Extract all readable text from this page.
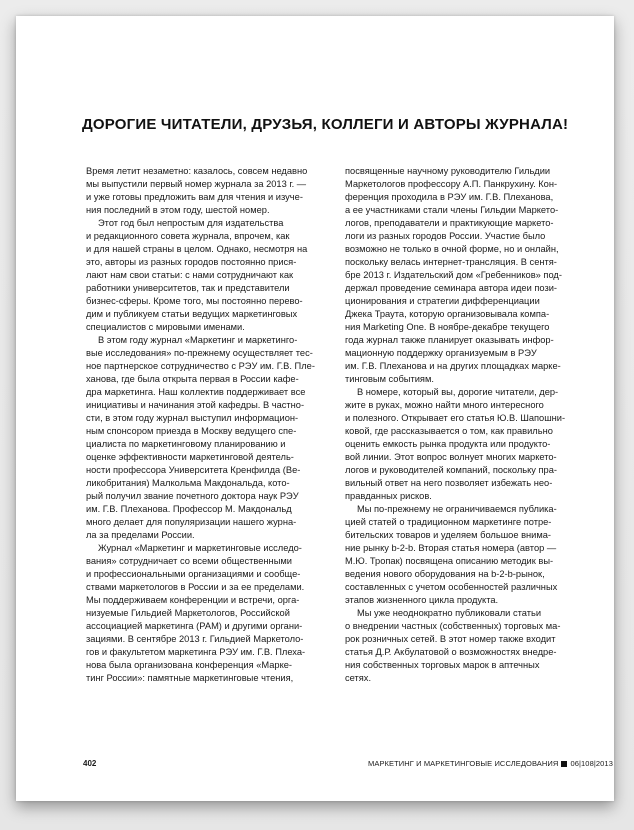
ДОРОГИЕ ЧИТАТЕЛИ, ДРУЗЬЯ, КОЛЛЕГИ И АВТОРЫ ЖУРНАЛА!
Время летит незаметно: казалось, совсем недавно
мы выпустили первый номер журнала за 2013 г. —
и уже готовы предложить вам для чтения и изуче-
ния последний в этом году, шестой номер.
Этот год был непростым для издательства
и редакционного совета журнала, впрочем, как
и для нашей страны в целом. Однако, несмотря на
это, авторы из разных городов постоянно прися-
лают нам свои статьи: с нами сотрудничают как
работники университетов, так и представители
бизнес-сферы. Кроме того, мы постоянно перево-
дим и публикуем статьи ведущих маркетинговых
специалистов с мировыми именами.
В этом году журнал «Маркетинг и маркетинго-
вые исследования» по-прежнему осуществляет тес-
ное партнерское сотрудничество с РЭУ им. Г.В. Пле-
ханова, где была открыта первая в России кафе-
дра маркетинга. Наш коллектив поддерживает все
инициативы и начинания этой кафедры. В частно-
сти, в этом году журнал выступил информацион-
ным спонсором приезда в Москву ведущего спе-
циалиста по маркетинговому планированию и
оценке эффективности маркетинговой деятель-
ности профессора Университета Кренфилда (Ве-
ликобритания) Малкольма Макдональда, кото-
рый получил звание почетного доктора наук РЭУ
им. Г.В. Плеханова. Профессор М. Макдональд
много делает для популяризации нашего журна-
ла за пределами России.
Журнал «Маркетинг и маркетинговые исследо-
вания» сотрудничает со всеми общественными
и профессиональными организациями и сообще-
ствами маркетологов в России и за ее пределами.
Мы поддерживаем конференции и встречи, орга-
низуемые Гильдией Маркетологов, Российской
ассоциацией маркетинга (РАМ) и другими органи-
зациями. В сентябре 2013 г. Гильдией Маркетоло-
гов и факультетом маркетинга РЭУ им. Г.В. Плеха-
нова была организована конференция «Марке-
тинг России»: памятные маркетинговые чтения,
посвященные научному руководителю Гильдии
Маркетологов профессору А.П. Панкрухину. Кон-
ференция проходила в РЭУ им. Г.В. Плеханова,
а ее участниками стали члены Гильдии Маркето-
логов, преподаватели и практикующие маркето-
логи из разных городов России. Участие было
возможно не только в очной форме, но и онлайн,
поскольку велась интернет-трансляция. В сентя-
бре 2013 г. Издательский дом «Гребенников» под-
держал проведение семинара автора идеи пози-
ционирования и стратегии дифференциации
Джека Траута, которую организовывала компа-
ния Marketing One. В ноябре-декабре текущего
года журнал также планирует оказывать инфор-
мационную поддержку организуемым в РЭУ
им. Г.В. Плеханова и на других площадках марке-
тинговым событиям.
В номере, который вы, дорогие читатели, дер-
жите в руках, можно найти много интересного
и полезного. Открывает его статья Ю.В. Шапошни-
ковой, где рассказывается о том, как правильно
оценить емкость рынка продукта или продукто-
вой линии. Этот вопрос волнует многих маркето-
логов и руководителей компаний, поскольку пра-
вильный ответ на него позволяет избежать нео-
правданных рисков.
Мы по-прежнему не ограничиваемся публика-
цией статей о традиционном маркетинге потре-
бительских товаров и уделяем большое внима-
ние рынку b-2-b. Вторая статья номера (автор —
М.Ю. Тропак) посвящена описанию методик вы-
ведения нового оборудования на b-2-b-рынок,
составленных с учетом особенностей различных
этапов жизненного цикла продукта.
Мы уже неоднократно публиковали статьи
о внедрении частных (собственных) торговых ма-
рок розничных сетей. В этот номер также входит
статья Д.Р. Акбулатовой о возможностях внедре-
ния собственных торговых марок в аптечных
сетях.
402	МАРКЕТИНГ И МАРКЕТИНГОВЫЕ ИССЛЕДОВАНИЯ 06|108|2013
